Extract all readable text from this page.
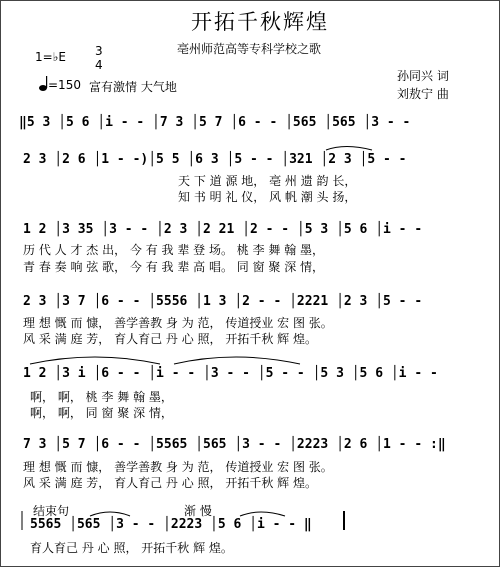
开拓千秋辉煌
亳州师范高等专科学校之歌
1=♭E 3
4
=150 富有激情 大气地
孙同兴 词
刘敖宁 曲
‖5 3 │5 6 │i - - │7 3 │5 7 │6 - - │565 │565 │3 - -
2 3 │2 6 │1 - -)│5 5 │6 3 │5 - - │321 │2 3 │5 - -
天 下 道 源 地， 亳 州 遗 韵 长，
知 书 明 礼 仪， 风 帆 潮 头 扬，
1 2 │3 35 │3 - - │2 3 │2 21 │2 - - │5 3 │5 6 │i - -
历 代 人 才 杰 出， 今 有 我 辈 登 场。 桃 李 舞 翰 墨，
青 春 奏 响 弦 歌， 今 有 我 辈 高 唱。 同 窗 聚 深 情，
2 3 │3 7 │6 - - │5556 │1 3 │2 - - │2221 │2 3 │5 - -
理 想 慨 而 慷， 善学善教 身 为 范， 传道授业 宏 图 张。
风 采 满 庭 芳， 育人育己 丹 心 照， 开拓千秋 辉 煌。
1 2 │3 i │6 - - │i - - │3 - - │5 - - │5 3 │5 6 │i - -
啊， 啊， 桃 李 舞 翰 墨，
啊， 啊， 同 窗 聚 深 情，
7 3 │5 7 │6 - - │5565 │565 │3 - - │2223 │2 6 │1 - - :‖
理 想 慨 而 慷， 善学善教 身 为 范， 传道授业 宏 图 张。
风 采 满 庭 芳， 育人育己 丹 心 照， 开拓千秋 辉 煌。
结束句	渐 慢
5565 │565 │3 - - │2223 │5 6 │i - - ‖
育人育己 丹 心 照， 开拓千秋 辉 煌。
